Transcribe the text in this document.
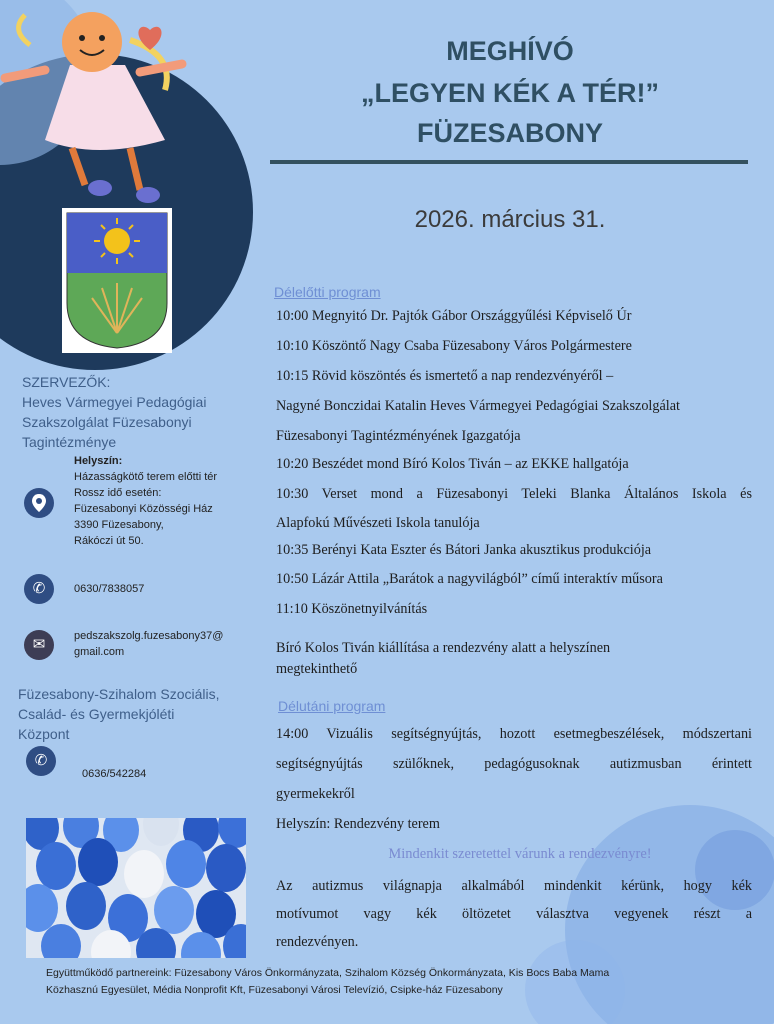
MEGHÍVÓ
„LEGYEN KÉK A TÉR!”
FÜZESABONY
2026. március 31.
Délelőtti program
10:00 Megnyitó Dr. Pajtók Gábor Országgyűlési Képviselő Úr
10:10 Köszöntő Nagy Csaba Füzesabony Város Polgármestere
10:15 Rövid köszöntés és ismertető a nap rendezvényéről –
Nagyné Bonczidai Katalin Heves Vármegyei Pedagógiai Szakszolgálat
Füzesabonyi Tagintézményének Igazgatója
10:20 Beszédet mond Bíró Kolos Tiván – az EKKE hallgatója
10:30 Verset mond a Füzesabonyi Teleki Blanka Általános Iskola és
Alapfokú Művészeti Iskola tanulója
10:35 Berényi Kata Eszter és Bátori Janka akusztikus produkciója
10:50 Lázár Attila „Barátok a nagyvilágból” című interaktív műsora
11:10 Köszönetnyilvánítás
Bíró Kolos Tiván kiállítása a rendezvény alatt a helyszínen
megtekinthető
Délutáni program
14:00 Vizuális segítségnyújtás, hozott esetmegbeszélések, módszertani
segítségnyújtás szülőknek, pedagógusoknak autizmusban érintett
gyermekekről
Helyszín: Rendezvény terem
Mindenkit szeretettel várunk a rendezvényre!
Az autizmus világnapja alkalmából mindenkit kérünk, hogy kék
motívumot vagy kék öltözetet választva vegyenek részt a
rendezvényen.
SZERVEZŐK:
Heves Vármegyei Pedagógiai
Szakszolgálat Füzesabonyi
Tagintézménye
Helyszín:
Házasságkötő terem előtti tér
Rossz idő esetén:
Füzesabonyi Közösségi Ház
3390 Füzesabony,
Rákóczi út 50.
✆	0630/7838057
✉	pedszakszolg.fuzesabony37@
gmail.com
Füzesabony-Szihalom Szociális,
Család- és Gyermekjóléti
Központ
✆
0636/542284
Együttműködő partnereink: Füzesabony Város Önkormányzata, Szihalom Község Önkormányzata, Kis Bocs Baba Mama
Közhasznú Egyesület, Média Nonprofit Kft, Füzesabonyi Városi Televízió, Csipke-ház Füzesabony
